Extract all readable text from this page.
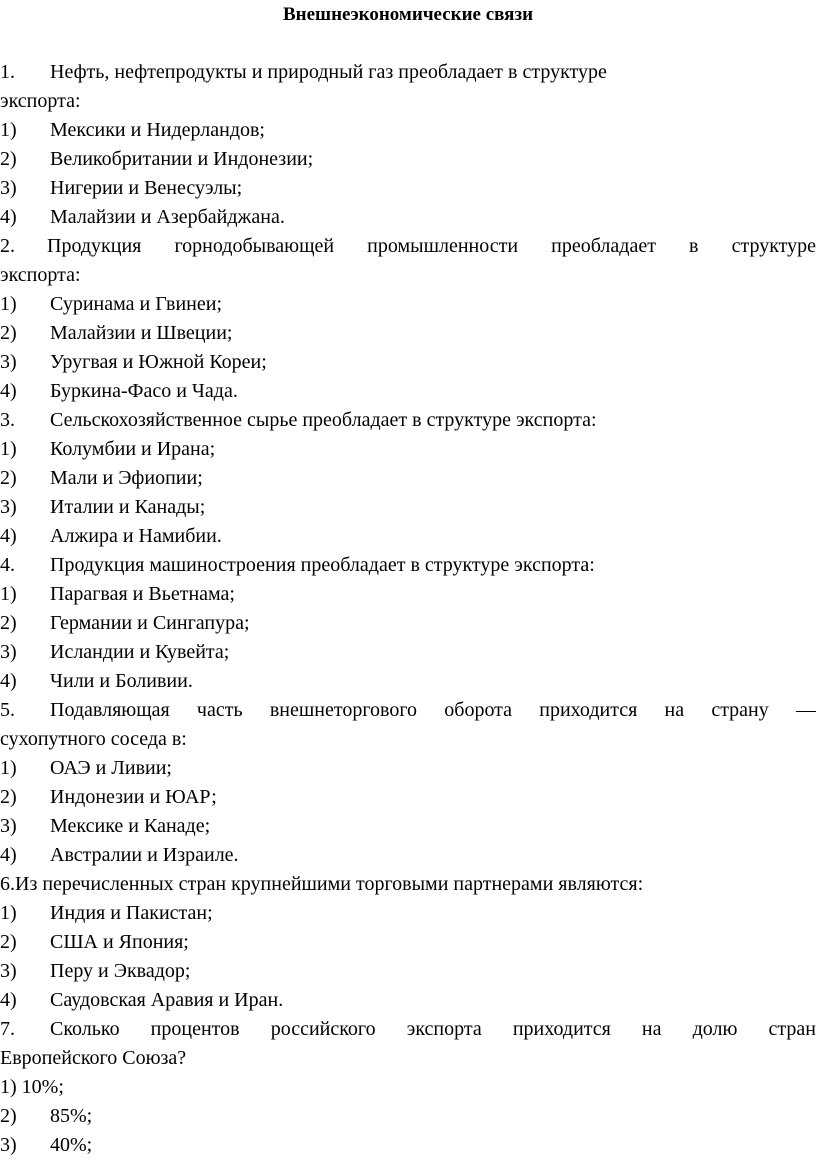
Внешнеэкономические связи
1. Нефть, нефтепродукты и природный газ преобладает в структуре
экспорта:
1) Мексики и Нидерландов;
2) Великобритании и Индонезии;
3) Нигерии и Венесуэлы;
4) Малайзии и Азербайджана.
2. Продукция горнодобывающей промышленности преобладает в структуре
экспорта:
1) Суринама и Гвинеи;
2) Малайзии и Швеции;
3) Уругвая и Южной Кореи;
4) Буркина-Фасо и Чада.
3. Сельскохозяйственное сырье преобладает в структуре экспорта:
1) Колумбии и Ирана;
2) Мали и Эфиопии;
3) Италии и Канады;
4) Алжира и Намибии.
4. Продукция машиностроения преобладает в структуре экспорта:
1) Парагвая и Вьетнама;
2) Германии и Сингапура;
3) Исландии и Кувейта;
4) Чили и Боливии.
5.	Подавляющая часть внешнеторгового оборота приходится на страну —
сухопутного соседа в:
1) ОАЭ и Ливии;
2) Индонезии и ЮАР;
3) Мексике и Канаде;
4) Австралии и Израиле.
6.Из перечисленных стран крупнейшими торговыми партнерами являются:
1) Индия и Пакистан;
2) США и Япония;
3) Перу и Эквадор;
4) Саудовская Аравия и Иран.
7.	Сколько процентов российского экспорта приходится на долю стран
Европейского Союза?
1) 10%;
2) 85%;
3) 40%;
